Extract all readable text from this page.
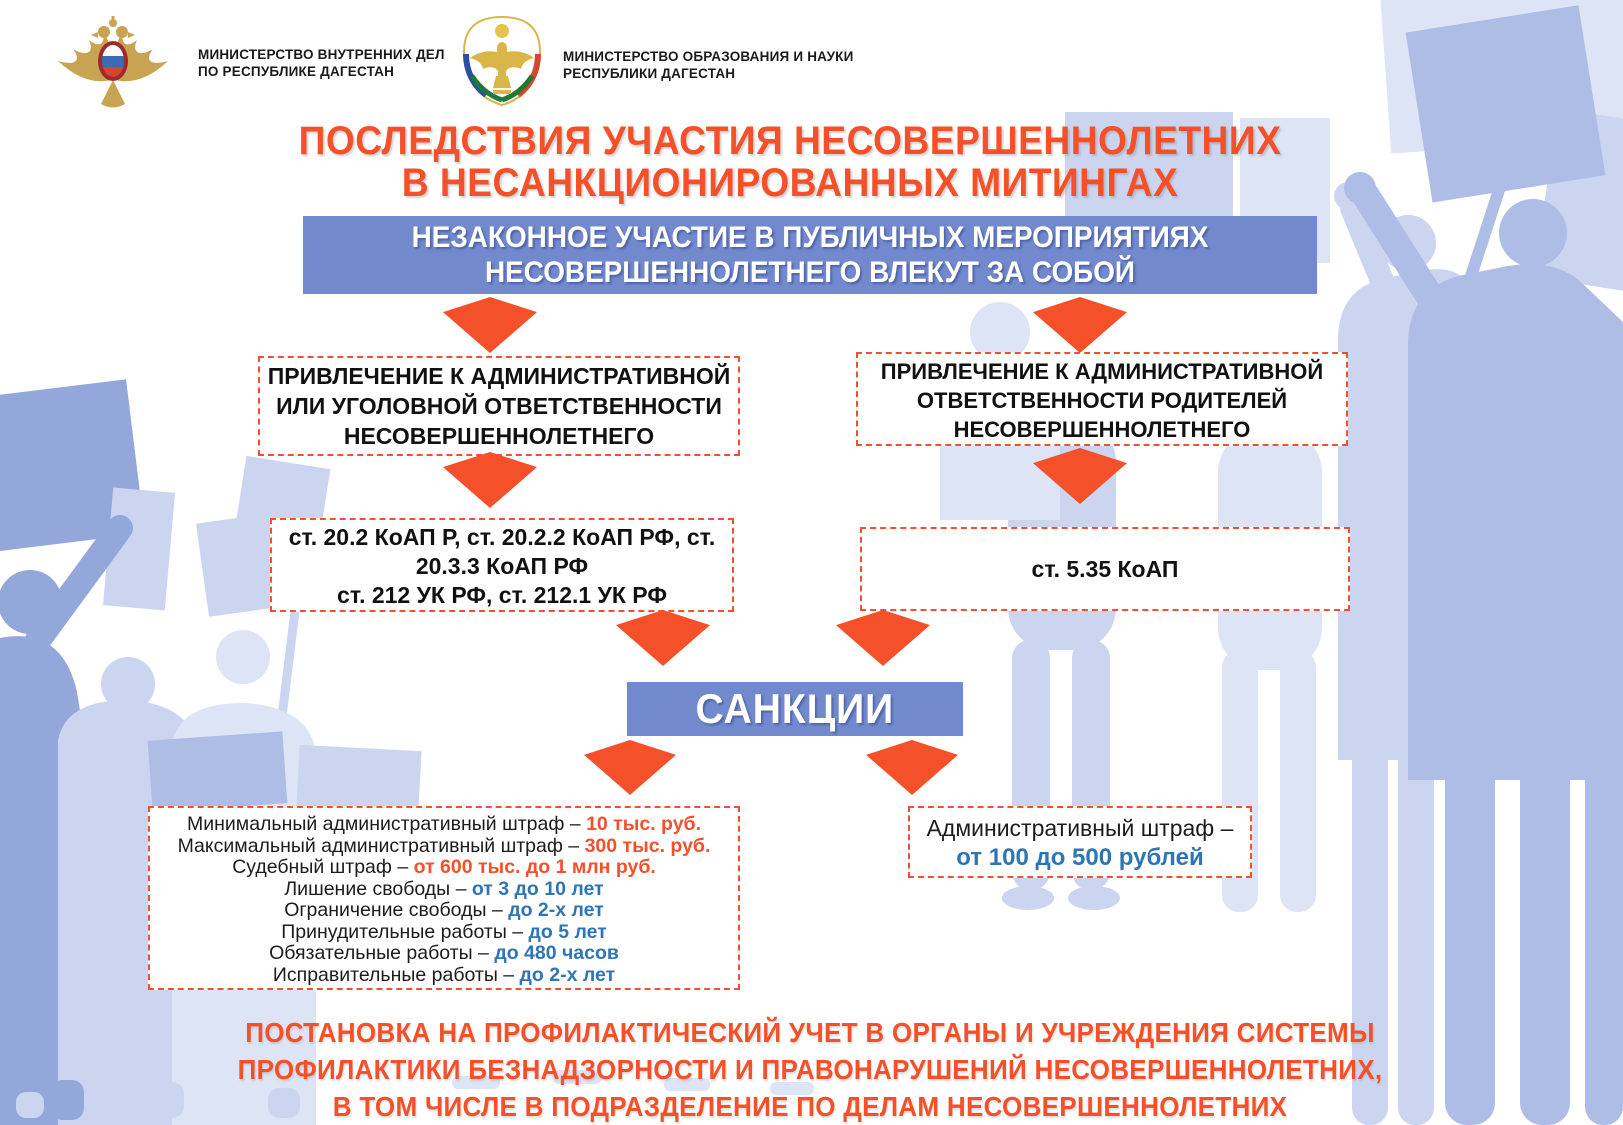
МИНИСТЕРСТВО ВНУТРЕННИХ ДЕЛ
ПО РЕСПУБЛИКЕ ДАГЕСТАН
МИНИСТЕРСТВО ОБРАЗОВАНИЯ И НАУКИ
РЕСПУБЛИКИ ДАГЕСТАН
ПОСЛЕДСТВИЯ УЧАСТИЯ НЕСОВЕРШЕННОЛЕТНИХ
В НЕСАНКЦИОНИРОВАННЫХ МИТИНГАХ
НЕЗАКОННОЕ УЧАСТИЕ В ПУБЛИЧНЫХ МЕРОПРИЯТИЯХ
НЕСОВЕРШЕННОЛЕТНЕГО ВЛЕКУТ ЗА СОБОЙ
ПРИВЛЕЧЕНИЕ К АДМИНИСТРАТИВНОЙ
ИЛИ УГОЛОВНОЙ ОТВЕТСТВЕННОСТИ
НЕСОВЕРШЕННОЛЕТНЕГО
ПРИВЛЕЧЕНИЕ К АДМИНИСТРАТИВНОЙ
ОТВЕТСТВЕННОСТИ РОДИТЕЛЕЙ
НЕСОВЕРШЕННОЛЕТНЕГО
ст. 20.2 КоАП Р, ст. 20.2.2 КоАП РФ, ст.
20.3.3 КоАП РФ
ст. 212 УК РФ, ст. 212.1 УК РФ
ст. 5.35 КоАП
САНКЦИИ
Минимальный административный штраф – 10 тыс. руб.
Максимальный административный штраф – 300 тыс. руб.
Судебный штраф – от 600 тыс. до 1 млн руб.
Лишение свободы – от 3 до 10 лет
Ограничение свободы – до 2-х лет
Принудительные работы – до 5 лет
Обязательные работы – до 480 часов
Исправительные работы – до 2-х лет
Административный штраф –
от 100 до 500 рублей
ПОСТАНОВКА НА ПРОФИЛАКТИЧЕСКИЙ УЧЕТ В ОРГАНЫ И УЧРЕЖДЕНИЯ СИСТЕМЫ
ПРОФИЛАКТИКИ БЕЗНАДЗОРНОСТИ И ПРАВОНАРУШЕНИЙ НЕСОВЕРШЕННОЛЕТНИХ,
В ТОМ ЧИСЛЕ В ПОДРАЗДЕЛЕНИЕ ПО ДЕЛАМ НЕСОВЕРШЕННОЛЕТНИХ
